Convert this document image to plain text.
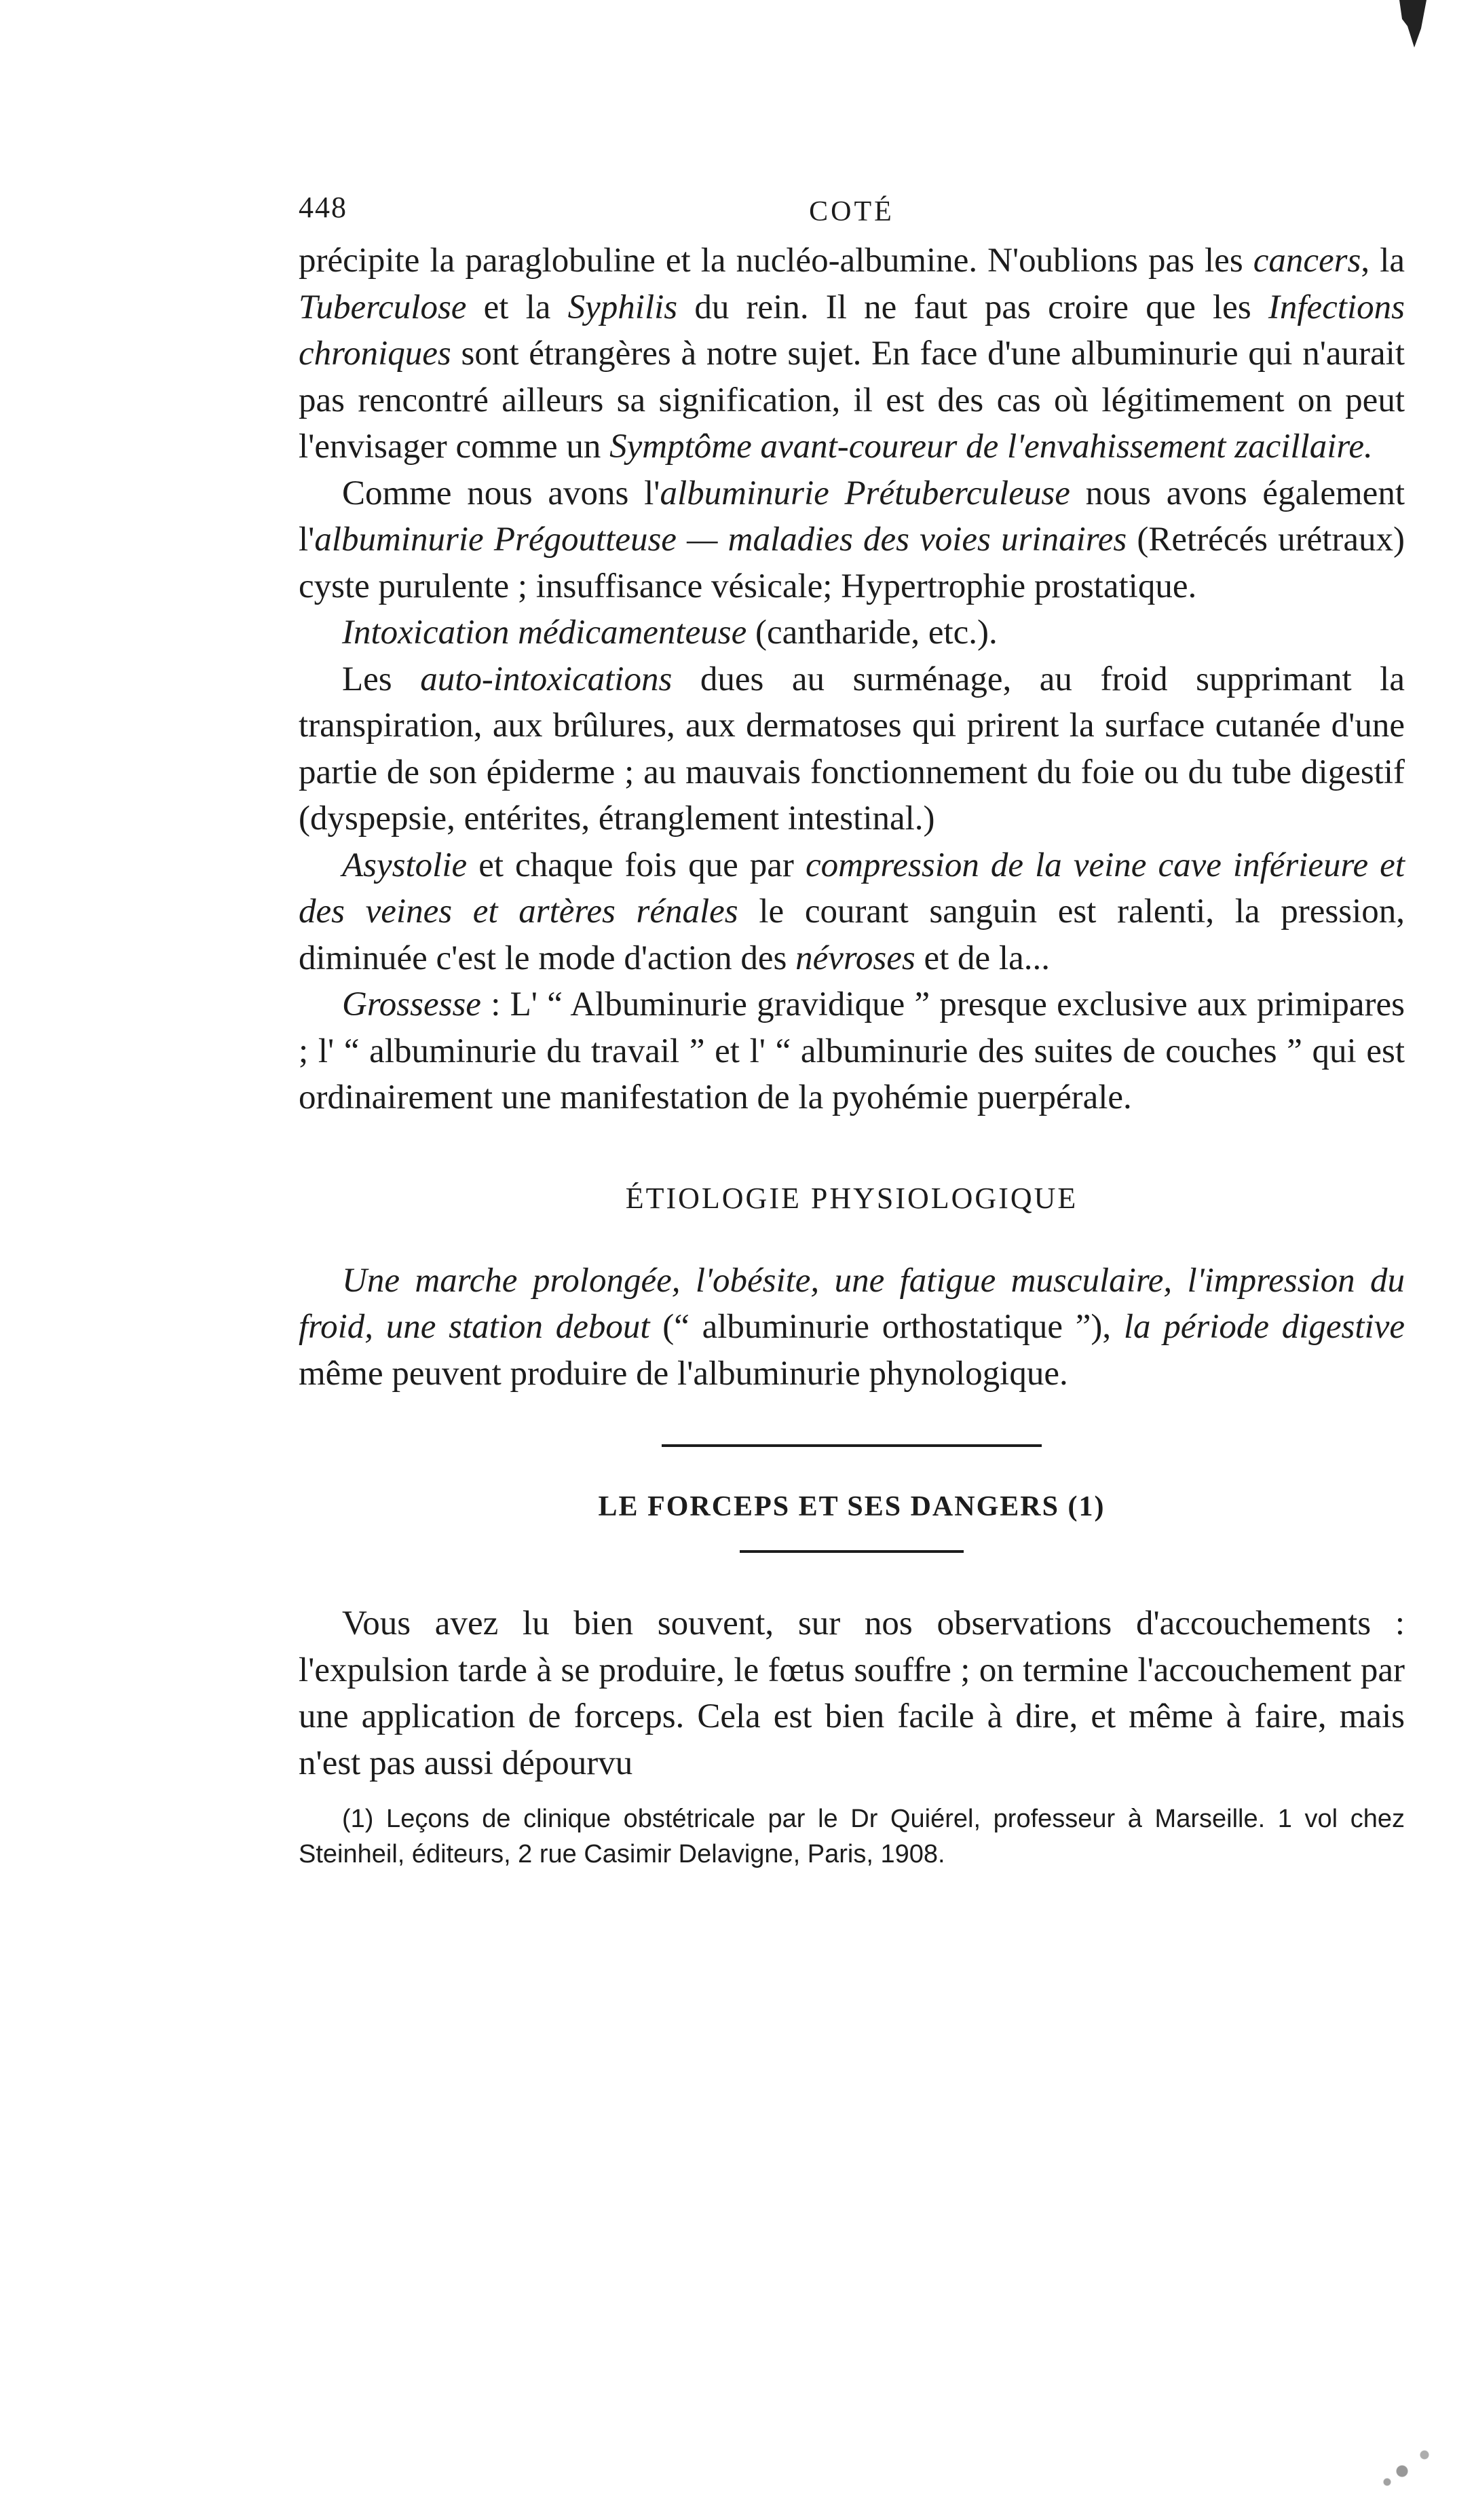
448	COTÉ

précipite la paraglobuline et la nucléo-albumine. N'oublions pas les cancers, la Tuberculose et la Syphilis du rein. Il ne faut pas croire que les Infections chroniques sont étrangères à notre sujet. En face d'une albuminurie qui n'aurait pas rencontré ailleurs sa signification, il est des cas où légitimement on peut l'envisager comme un Symptôme avant-coureur de l'envahissement zacillaire.

Comme nous avons l'albuminurie Prétuberculeuse nous avons également l'albuminurie Prégoutteuse — maladies des voies urinaires (Retrécés urétraux) cyste purulente ; insuffisance vésicale; Hypertrophie prostatique.

Intoxication médicamenteuse (cantharide, etc.).

Les auto-intoxications dues au surménage, au froid supprimant la transpiration, aux brûlures, aux dermatoses qui prirent la surface cutanée d'une partie de son épiderme ; au mauvais fonctionnement du foie ou du tube digestif (dyspepsie, entérites, étranglement intestinal.)

Asystolie et chaque fois que par compression de la veine cave inférieure et des veines et artères rénales le courant sanguin est ralenti, la pression, diminuée c'est le mode d'action des névroses et de la...

Grossesse : L' “ Albuminurie gravidique ” presque exclusive aux primipares ; l' “ albuminurie du travail ” et l' “ albuminurie des suites de couches ” qui est ordinairement une manifestation de la pyohémie puerpérale.

ÉTIOLOGIE PHYSIOLOGIQUE

Une marche prolongée, l'obésite, une fatigue musculaire, l'impression du froid, une station debout (“ albuminurie orthostatique ”), la période digestive même peuvent produire de l'albuminurie phynologique.

LE FORCEPS ET SES DANGERS (1)

Vous avez lu bien souvent, sur nos observations d'accouchements : l'expulsion tarde à se produire, le fœtus souffre ; on termine l'accouchement par une application de forceps. Cela est bien facile à dire, et même à faire, mais n'est pas aussi dépourvu

(1) Leçons de clinique obstétricale par le Dr Quiérel, professeur à Marseille. 1 vol chez Steinheil, éditeurs, 2 rue Casimir Delavigne, Paris, 1908.
